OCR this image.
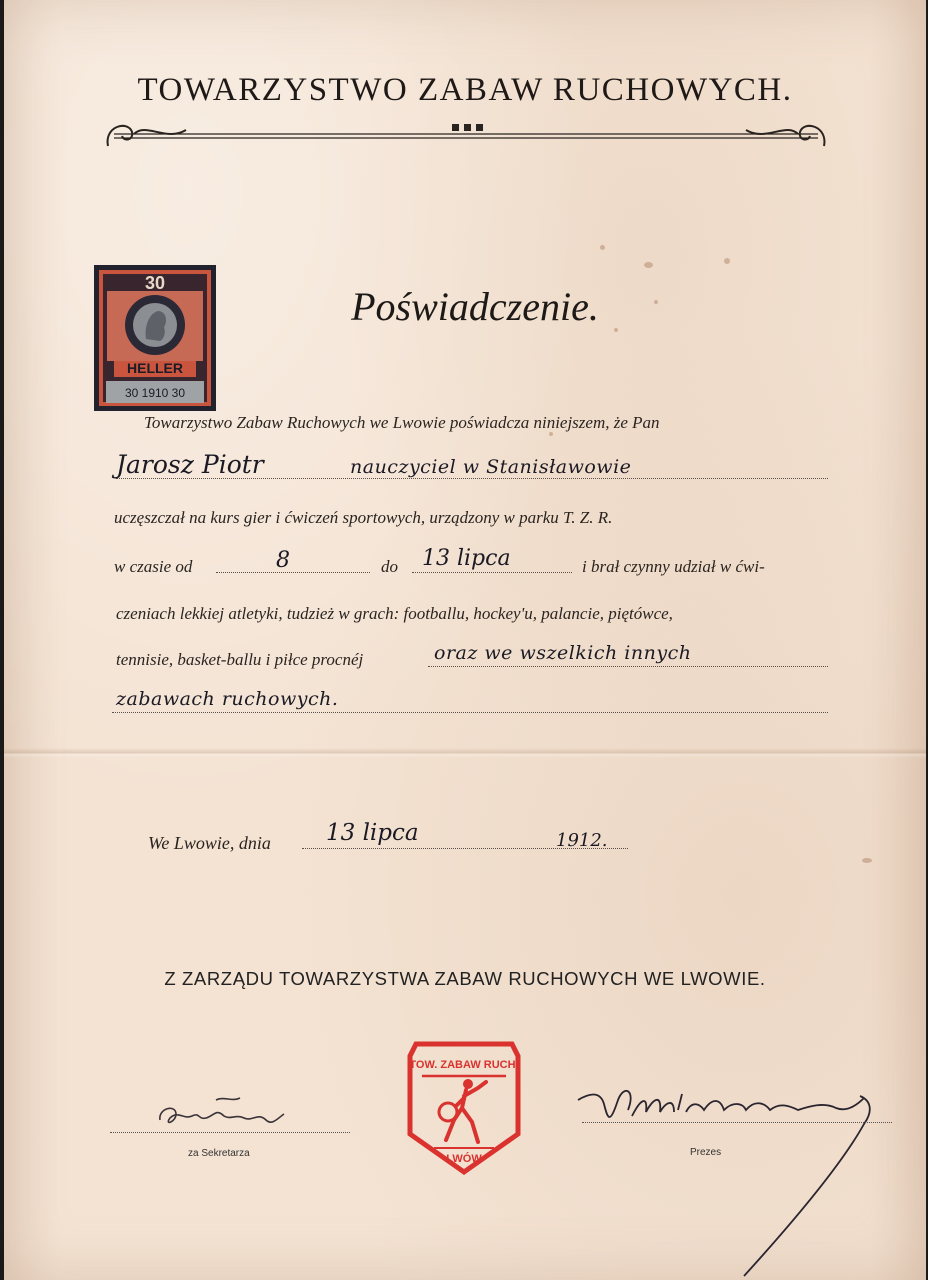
TOWARZYSTWO ZABAW RUCHOWYCH.
HELLER
30
30 1910 30
Poświadczenie.
Towarzystwo Zabaw Ruchowych we Lwowie poświadcza niniejszem, że Pan
Jarosz Piotr	nauczyciel w Stanisławowie
uczęszczał na kurs gier i ćwiczeń sportowych, urządzony w parku T. Z. R.
w czasie od	8	do 13 lipca	i brał czynny udział w ćwi-
czeniach lekkiej atletyki, tudzież w grach: footballu, hockey'u, palancie, piętówce,
tennisie, basket-ballu i piłce procnéj	oraz we wszelkich innych
zabawach ruchowych.
We Lwowie, dnia 13 lipca	1912.
Z ZARZĄDU TOWARZYSTWA ZABAW RUCHOWYCH WE LWOWIE.
TOW. ZABAW RUCH.
LWÓW
za Sekretarza	Prezes
